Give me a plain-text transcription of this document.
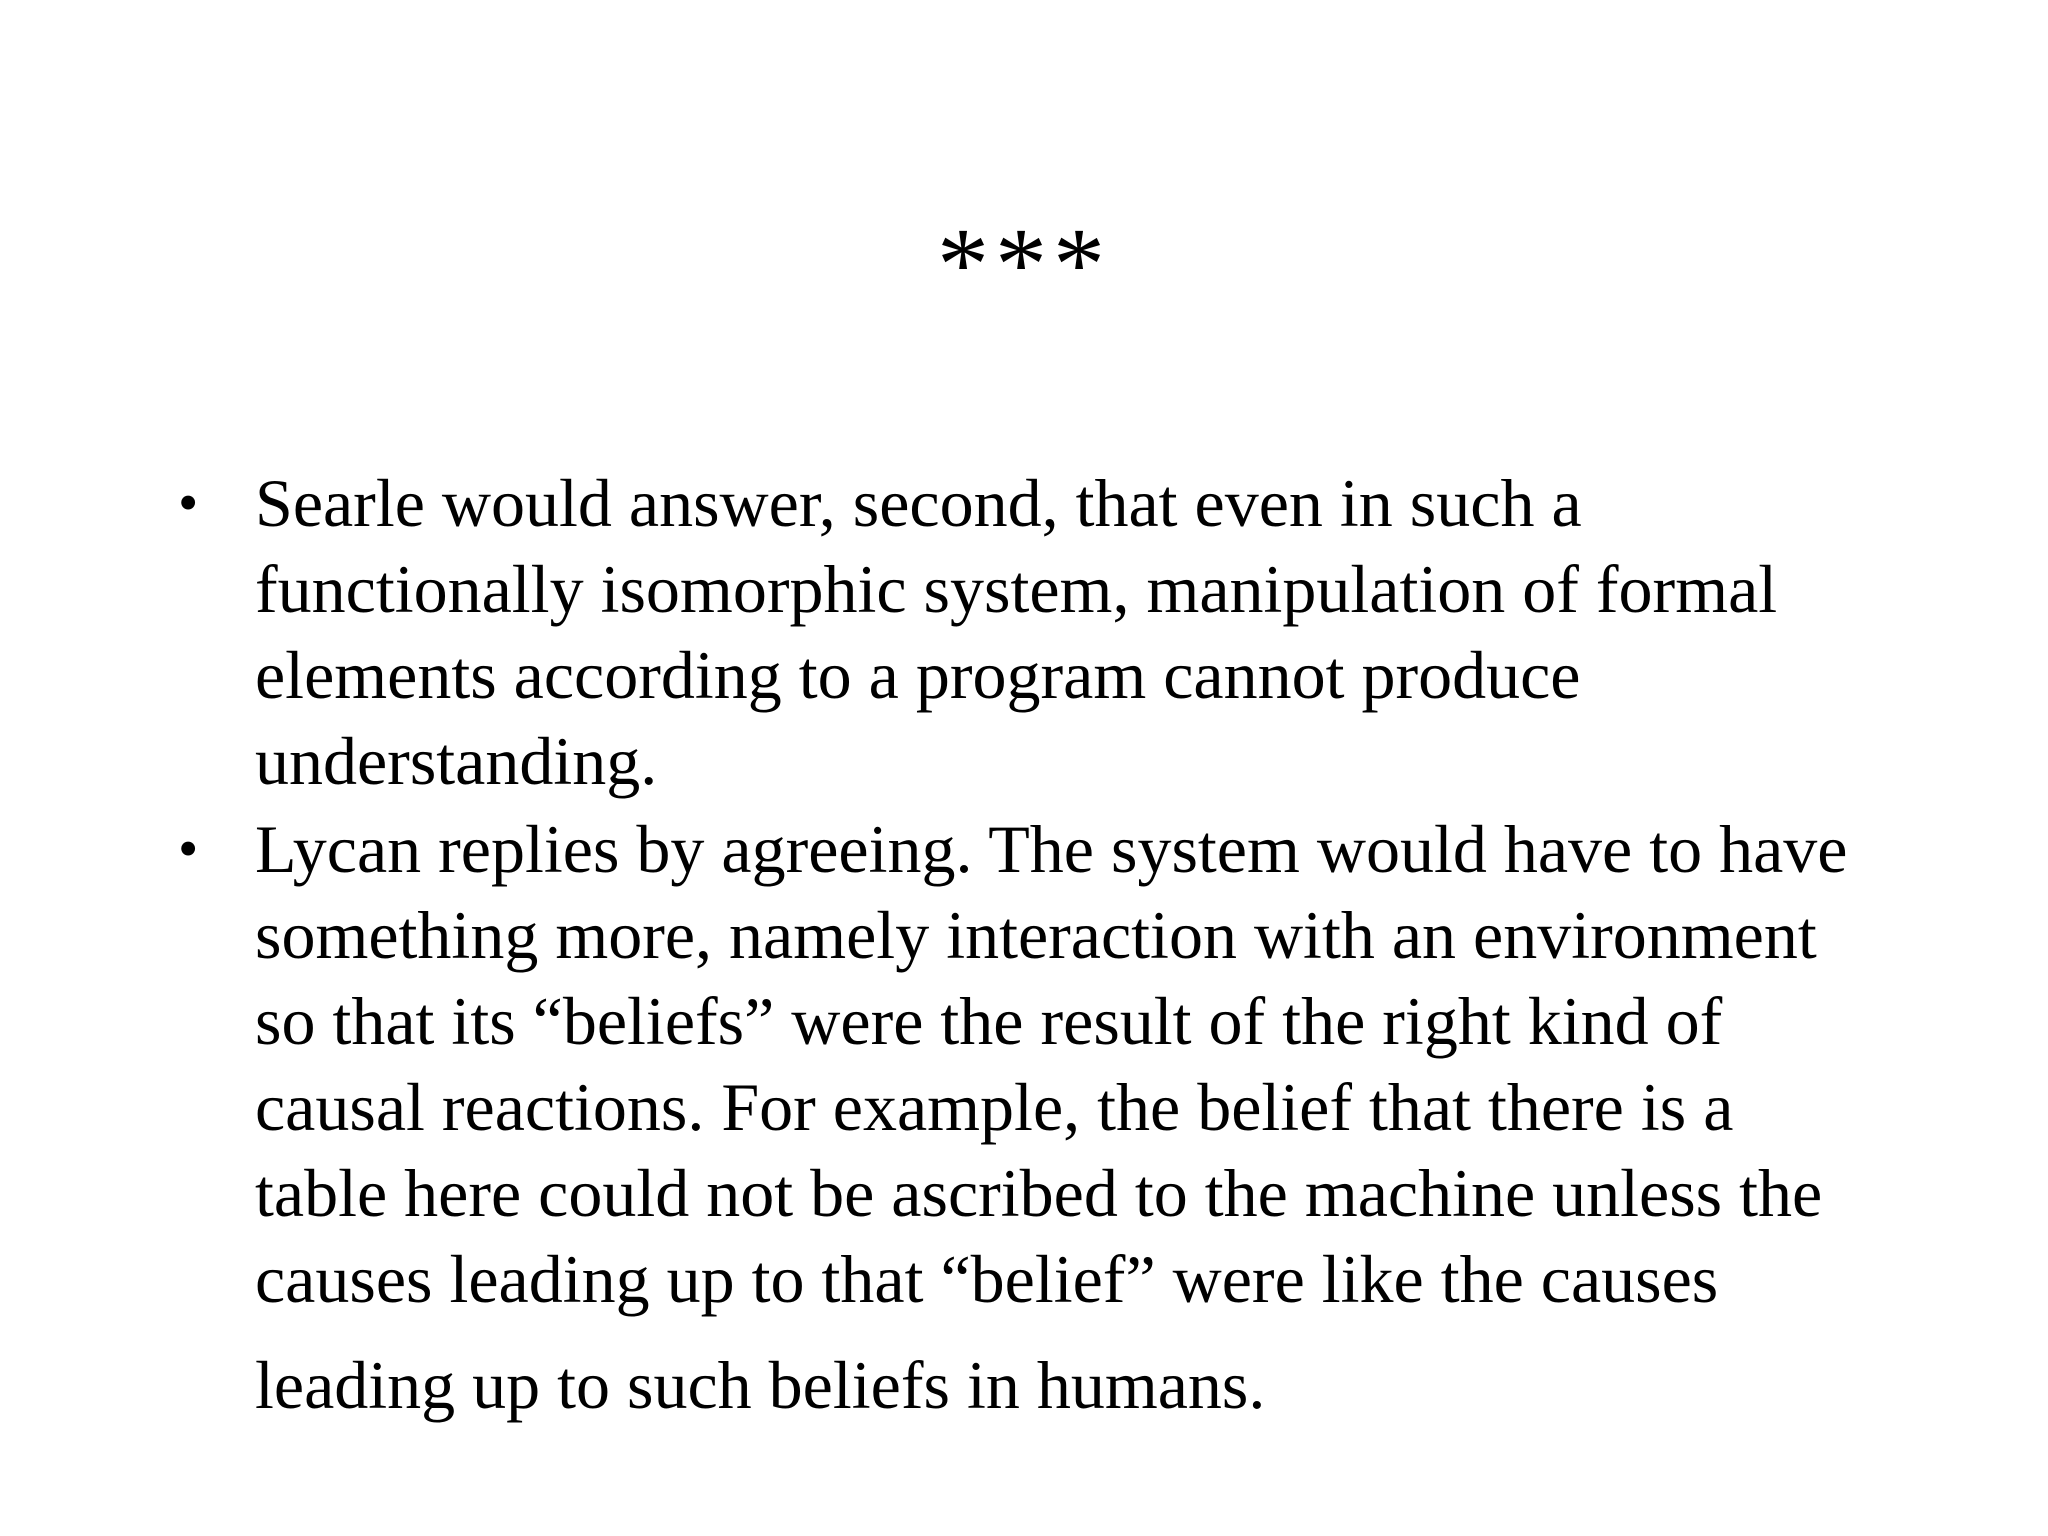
***
• Searle would answer, second, that even in such a
functionally isomorphic system, manipulation of formal
elements according to a program cannot produce
understanding.
• Lycan replies by agreeing. The system would have to have
something more, namely interaction with an environment
so that its “beliefs” were the result of the right kind of
causal reactions. For example, the belief that there is a
table here could not be ascribed to the machine unless the
causes leading up to that “belief” were like the causes
leading up to such beliefs in humans.
